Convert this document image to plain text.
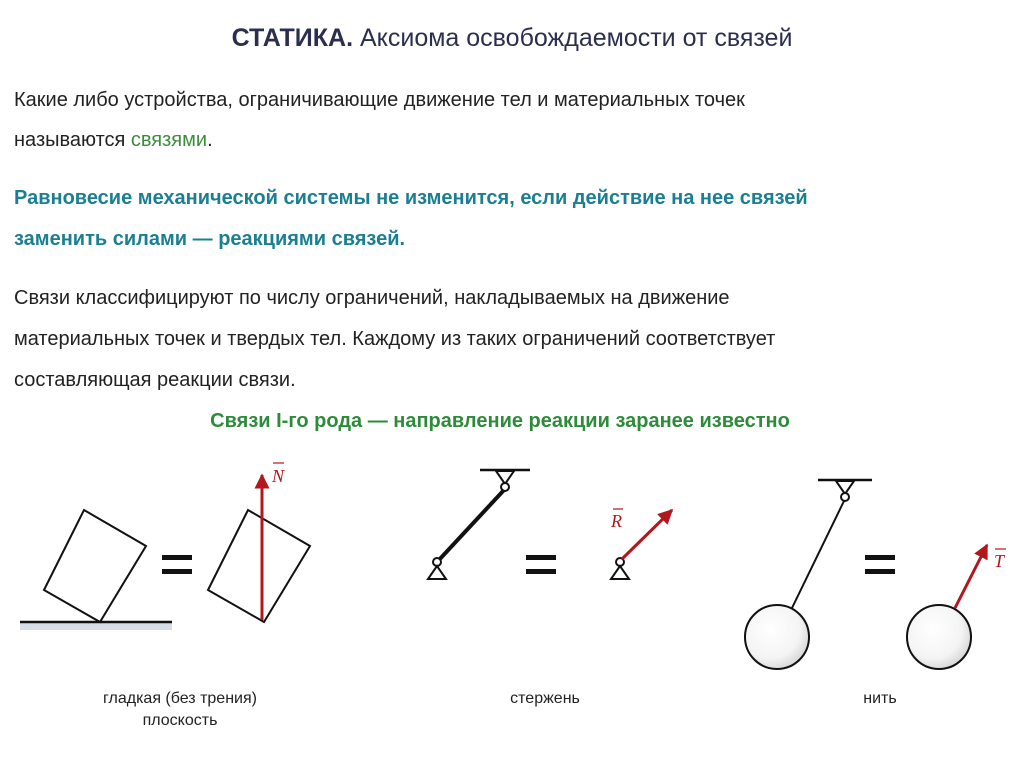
СТАТИКА. Аксиома освобождаемости от связей
Какие либо устройства, ограничивающие движение тел и материальных точек
называются связями.
Равновесие механической системы не изменится, если действие на нее связей
заменить силами — реакциями связей.
Связи классифицируют по числу ограничений, накладываемых на движение
материальных точек и твердых тел. Каждому из таких ограничений соответствует
составляющая реакции связи.
Связи I-го рода — направление реакции заранее известно
N
R
T
гладкая (без трения)
плоскость
стержень	нить
